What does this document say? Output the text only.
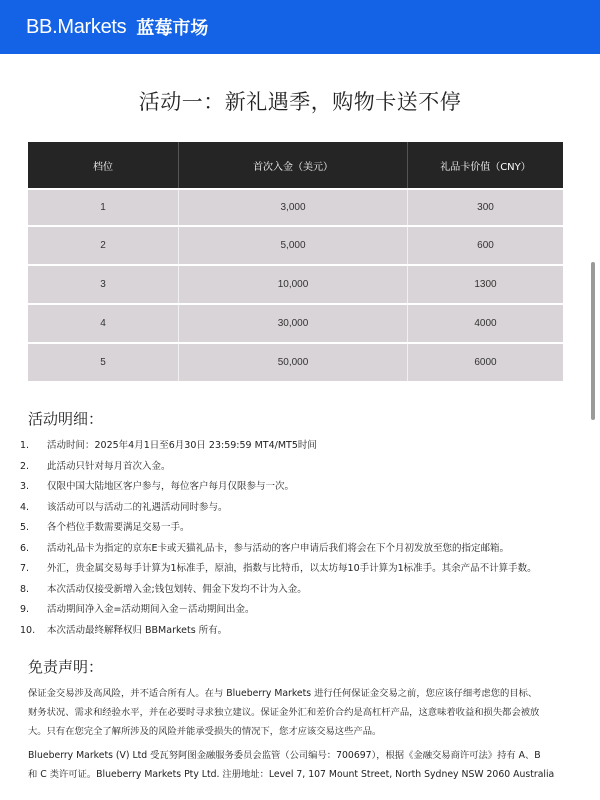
BB.Markets 蓝莓市场
活动一：新礼遇季，购物卡送不停
档位	首次入金（美元）	礼品卡价值（CNY）
1	3,000	300
2	5,000	600
3	10,000	1300
4	30,000	4000
5	50,000	6000
活动明细：
1.	活动时间：2025年4月1日至6月30日 23:59:59 MT4/MT5时间
2.	此活动只针对每月首次入金。
3.	仅限中国大陆地区客户参与，每位客户每月仅限参与一次。
4.	该活动可以与活动二的礼遇活动同时参与。
5.	各个档位手数需要满足交易一手。
6.	活动礼品卡为指定的京东E卡或天猫礼品卡，参与活动的客户申请后我们将会在下个月初发放至您的指定邮箱。
7.	外汇，贵金属交易每手计算为1标准手，原油，指数与比特币，以太坊每10手计算为1标准手。其余产品不计算手数。
8.	本次活动仅接受新增入金;钱包划转、佣金下发均不计为入金。
9.	活动期间净入金=活动期间入金－活动期间出金。
10.	本次活动最终解释权归 BBMarkets 所有。
免责声明：
保证金交易涉及高风险，并不适合所有人。在与 Blueberry Markets 进行任何保证金交易之前，您应该仔细考虑您的目标、
财务状况、需求和经验水平，并在必要时寻求独立建议。保证金外汇和差价合约是高杠杆产品，这意味着收益和损失都会被放
大。只有在您完全了解所涉及的风险并能承受损失的情况下，您才应该交易这些产品。
Blueberry Markets (V) Ltd 受瓦努阿图金融服务委员会监管（公司编号：700697），根据《金融交易商许可法》持有 A、B
和 C 类许可证。Blueberry Markets Pty Ltd. 注册地址：Level 7, 107 Mount Street, North Sydney NSW 2060 Australia
